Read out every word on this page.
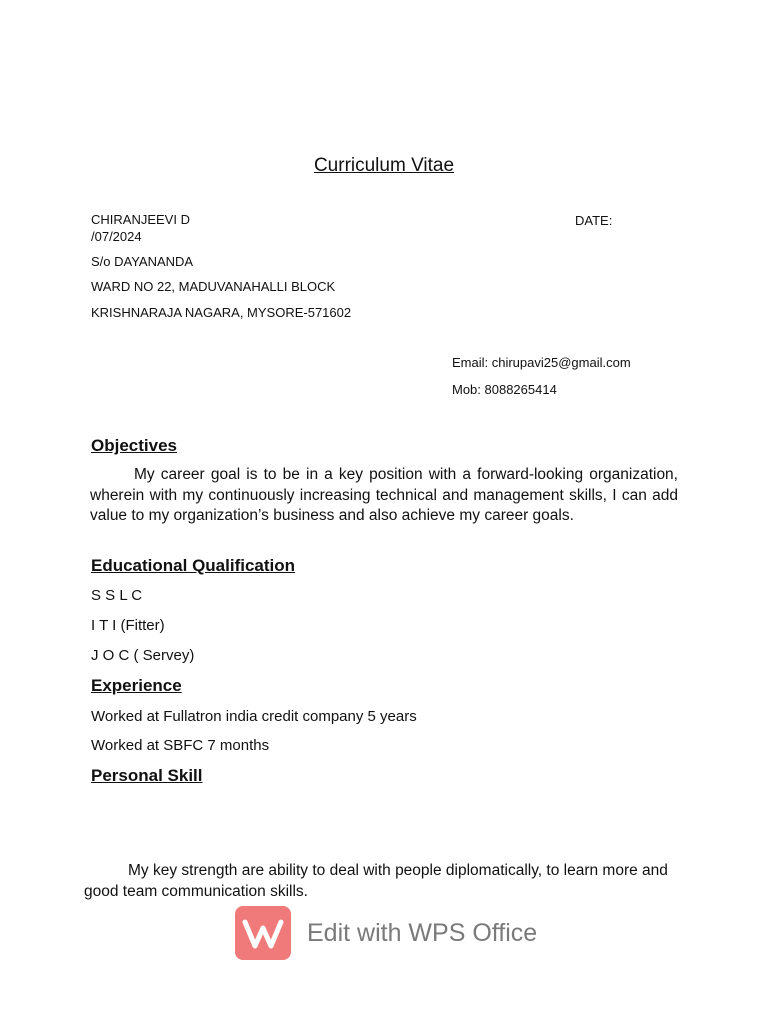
Curriculum Vitae
CHIRANJEEVI D	DATE:
/07/2024
S/o DAYANANDA
WARD NO 22, MADUVANAHALLI BLOCK
KRISHNARAJA NAGARA, MYSORE-571602
Email: chirupavi25@gmail.com
Mob: 8088265414
Objectives
My career goal is to be in a key position with a forward-looking organization, wherein with my continuously increasing technical and management skills, I can add value to my organization’s business and also achieve my career goals.
Educational Qualification
S S L C
I T I (Fitter)
J O C ( Servey)
Experience
Worked at Fullatron india credit company 5 years
Worked at SBFC 7 months
Personal Skill
My key strength are ability to deal with people diplomatically, to learn more and good team communication skills.
Edit with WPS Office
